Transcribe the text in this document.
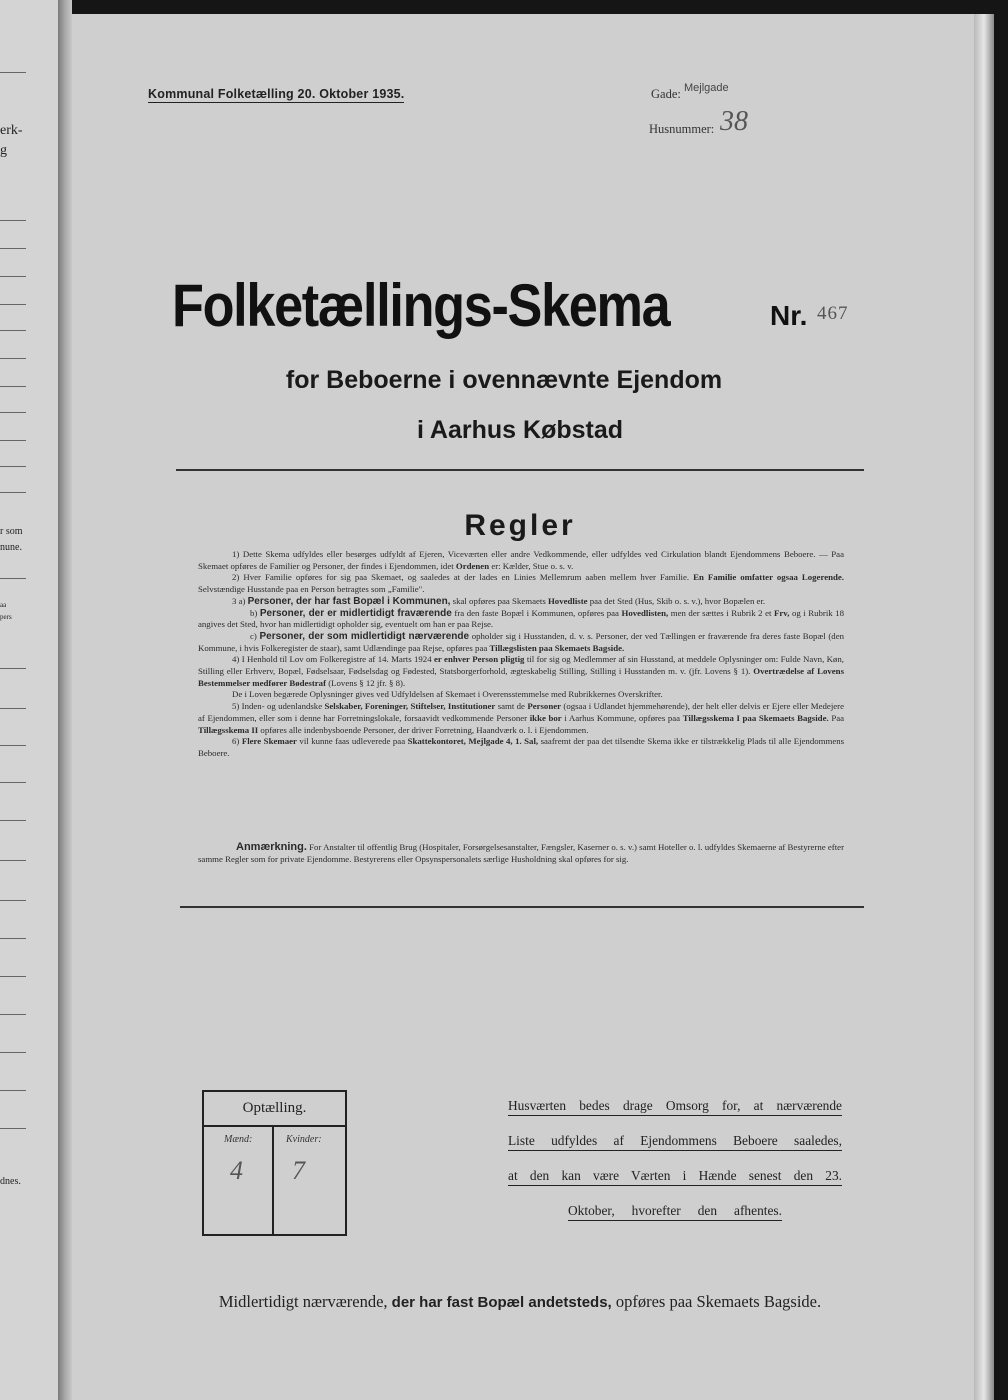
erk-
g
r som
nune.
aa
pers
dnes.
Kommunal Folketælling 20. Oktober 1935.	Gade: Mejlgade
Husnummer: 38
Folketællings-Skema	Nr. 467
for Beboerne i ovennævnte Ejendom
i Aarhus Købstad
Regler

1) Dette Skema udfyldes eller besørges udfyldt af Ejeren, Viceværten eller andre Vedkommende, eller udfyldes ved Cirkulation blandt Ejendommens Beboere. — Paa Skemaet opføres de Familier og Personer, der findes i Ejendommen, idet Ordenen er: Kælder, Stue o. s. v.

2) Hver Familie opføres for sig paa Skemaet, og saaledes at der lades en Linies Mellemrum aaben mellem hver Familie. En Familie omfatter ogsaa Logerende. Selvstændige Husstande paa en Person betragtes som „Familie".

3 a) Personer, der har fast Bopæl i Kommunen, skal opføres paa Skemaets Hovedliste paa det Sted (Hus, Skib o. s. v.), hvor Bopælen er.

b) Personer, der er midlertidigt fraværende fra den faste Bopæl i Kommunen, opføres paa Hovedlisten, men der sættes i Rubrik 2 et Frv, og i Rubrik 18 angives det Sted, hvor han midlertidigt opholder sig, eventuelt om han er paa Rejse.

c) Personer, der som midlertidigt nærværende opholder sig i Husstanden, d. v. s. Personer, der ved Tællingen er fraværende fra deres faste Bopæl (den Kommune, i hvis Folkeregister de staar), samt Udlændinge paa Rejse, opføres paa Tillægslisten paa Skemaets Bagside.

4) I Henhold til Lov om Folkeregistre af 14. Marts 1924 er enhver Person pligtig til for sig og Medlemmer af sin Husstand, at meddele Oplysninger om: Fulde Navn, Køn, Stilling eller Erhverv, Bopæl, Fødselsaar, Fødselsdag og Fødested, Statsborgerforhold, ægteskabelig Stilling, Stilling i Husstanden m. v. (jfr. Lovens § 1). Overtrædelse af Lovens Bestemmelser medfører Bødestraf (Lovens § 12 jfr. § 8).

De i Loven begærede Oplysninger gives ved Udfyldelsen af Skemaet i Overensstemmelse med Rubrikkernes Overskrifter.

5) Inden- og udenlandske Selskaber, Foreninger, Stiftelser, Institutioner samt de Personer (ogsaa i Udlandet hjemmehørende), der helt eller delvis er Ejere eller Medejere af Ejendommen, eller som i denne har Forretningslokale, forsaavidt vedkommende Personer ikke bor i Aarhus Kommune, opføres paa Tillægsskema I paa Skemaets Bagside. Paa Tillægsskema II opføres alle indenbysboende Personer, der driver Forretning, Haandværk o. l. i Ejendommen.

6) Flere Skemaer vil kunne faas udleverede paa Skattekontoret, Mejlgade 4, 1. Sal, saafremt der paa det tilsendte Skema ikke er tilstrækkelig Plads til alle Ejendommens Beboere.

Anmærkning. For Anstalter til offentlig Brug (Hospitaler, Forsørgelsesanstalter, Fængsler, Kaserner o. s. v.) samt Hoteller o. l. udfyldes Skemaerne af Bestyrerne efter samme Regler som for private Ejendomme. Bestyrerens eller Opsynspersonalets særlige Husholdning skal opføres for sig.

Optælling.
Mænd:	Kvinder:
4 7
Husværten bedes drage Omsorg for, at nærværende
Liste udfyldes af Ejendommens Beboere saaledes,
at den kan være Værten i Hænde senest den 23.
Oktober, hvorefter den afhentes.
Midlertidigt nærværende, der har fast Bopæl andetsteds, opføres paa Skemaets Bagside.
